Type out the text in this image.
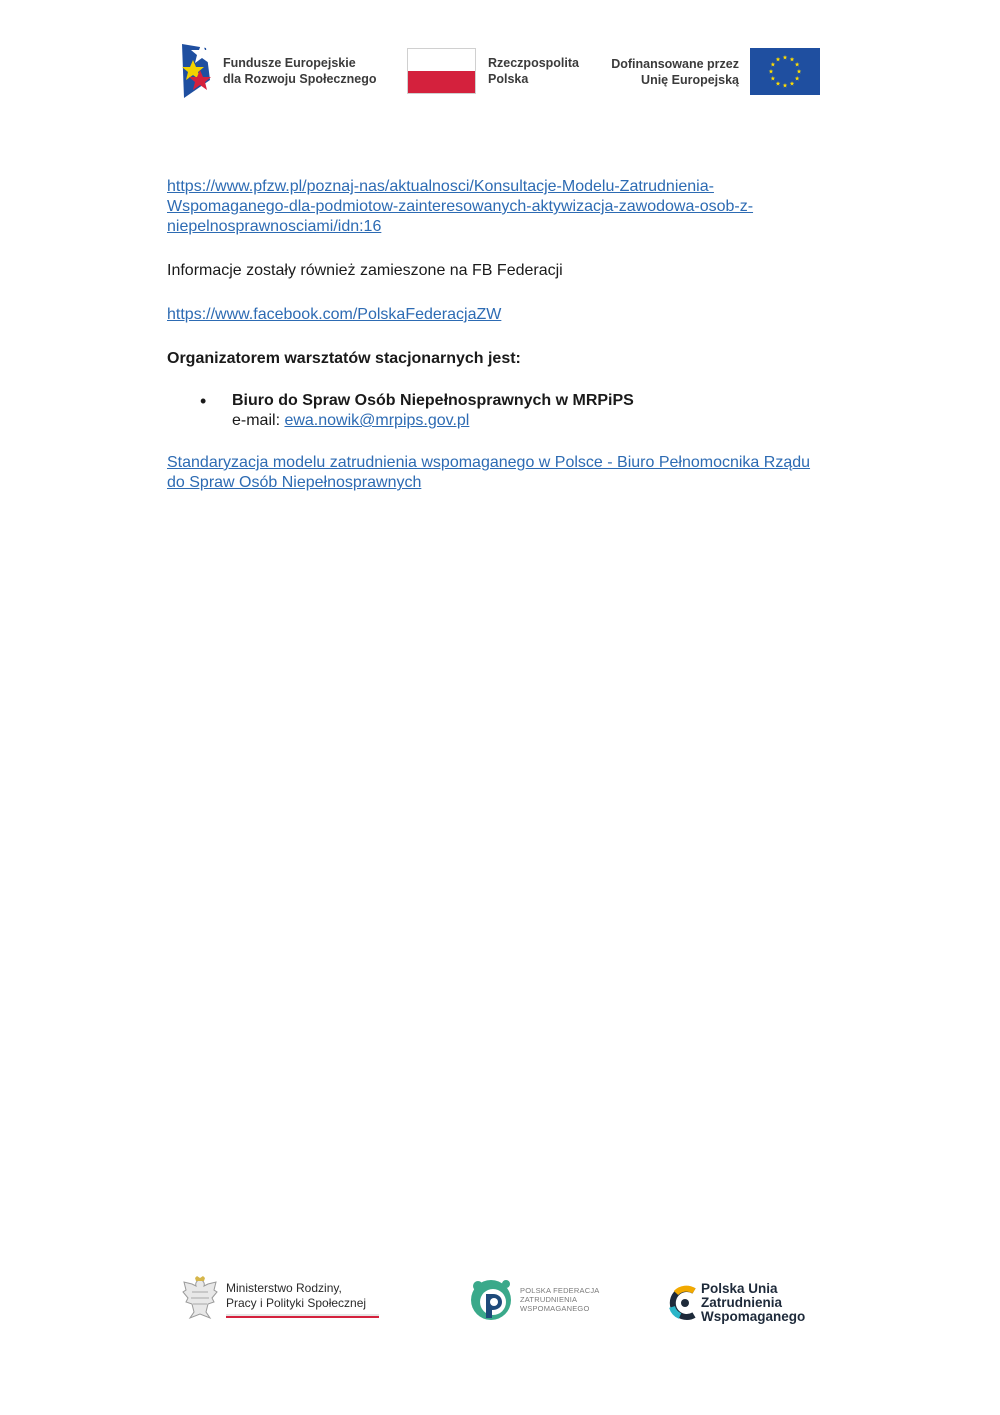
Fundusze Europejskie
dla Rozwoju Społecznego
Rzeczpospolita
Polska
Dofinansowane przez
Unię Europejską

https://www.pfzw.pl/poznaj-nas/aktualnosci/Konsultacje-Modelu-Zatrudnienia-
Wspomaganego-dla-podmiotow-zainteresowanych-aktywizacja-zawodowa-osob-z-
niepelnosprawnosciami/idn:16

Informacje zostały również zamieszone na FB Federacji

https://www.facebook.com/PolskaFederacjaZW

Organizatorem warsztatów stacjonarnych jest:

• Biuro do Spraw Osób Niepełnosprawnych w MRPiPS
e-mail: ewa.nowik@mrpips.gov.pl

Standaryzacja modelu zatrudnienia wspomaganego w Polsce - Biuro Pełnomocnika Rządu
do Spraw Osób Niepełnosprawnych

Ministerstwo Rodziny,
Pracy i Polityki Społecznej
POLSKA FEDERACJA
ZATRUDNIENIA
WSPOMAGANEGO
Polska Unia
Zatrudnienia
Wspomaganego
